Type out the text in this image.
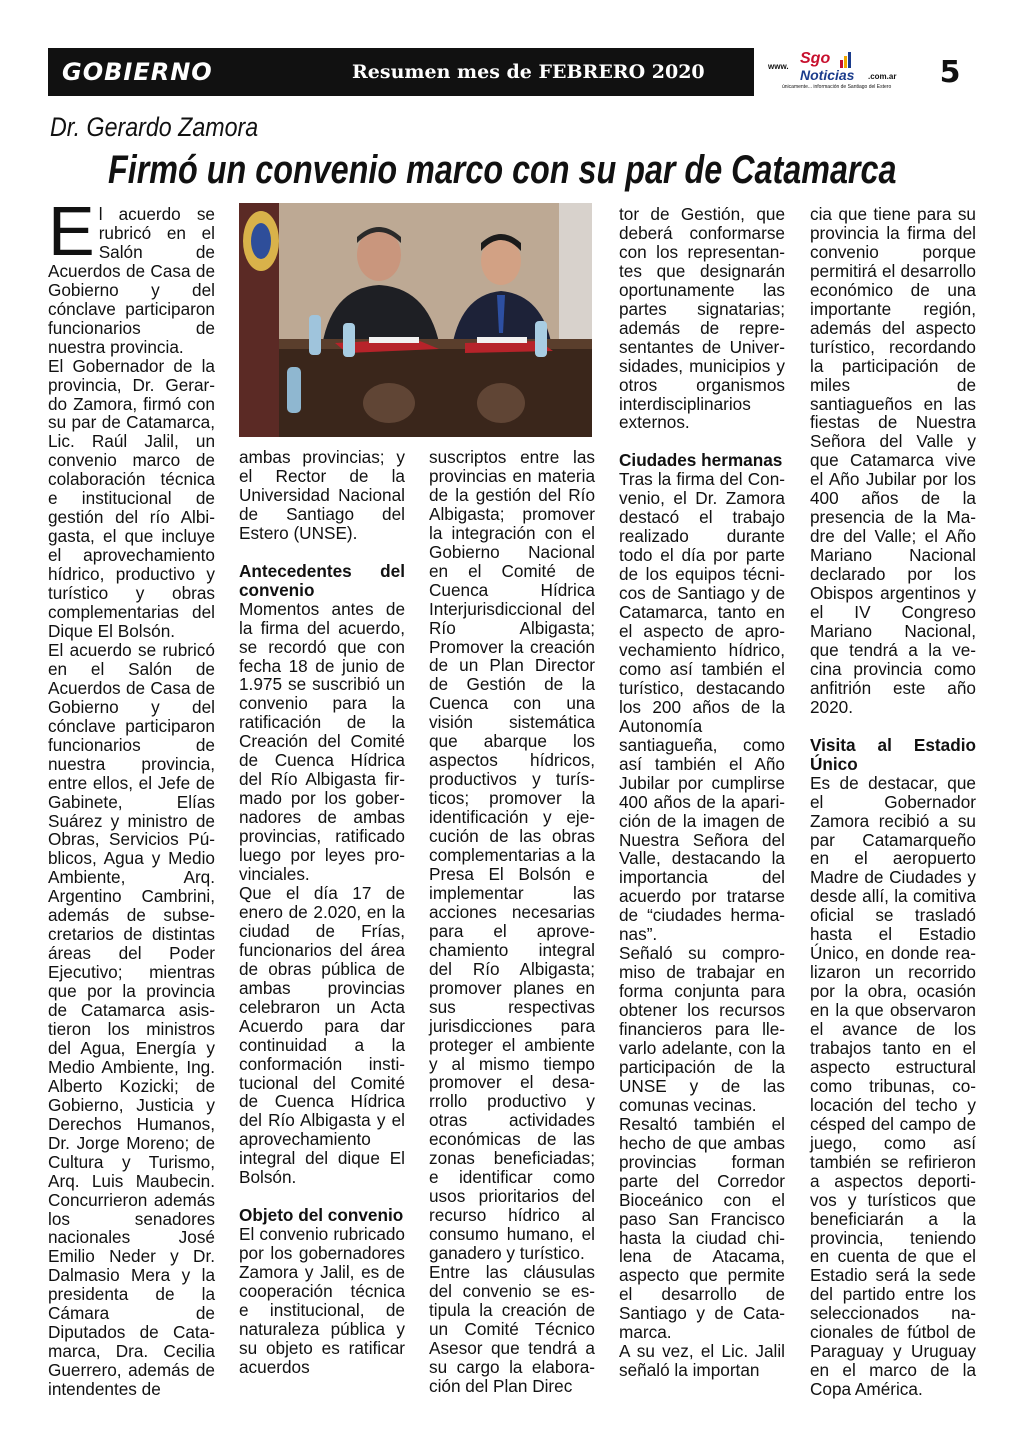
GOBIERNO	Resumen mes de FEBRERO 2020	www. Sgo
Noticias .com.ar
únicamente... información de Santiago del Estero	5
Dr. Gerardo Zamora
Firmó un convenio marco con su par de Catamarca

El acuerdo se rubricó en el Salón de Acuerdos de Casa de Gobierno y del cónclave participaron funcionarios de nuestra provincia.

El Gobernador de la provincia, Dr. Gerardo Zamora, firmó con su par de Catamarca, Lic. Raúl Jalil, un convenio marco de colaboración técnica e institucional de gestión del río Albigasta, el que incluye el aprovechamiento hídrico, productivo y turístico y obras complementarias del Dique El Bolsón.

El acuerdo se rubricó en el Salón de Acuerdos de Casa de Gobierno y del cónclave participaron funcionarios de nuestra provincia, entre ellos, el Jefe de Gabinete, Elías Suárez y ministro de Obras, Servicios Públicos, Agua y Medio Ambiente, Arq. Argentino Cambrini, además de subsecretarios de distintas áreas del Poder Ejecutivo; mientras que por la provincia de Catamarca asistieron los ministros del Agua, Energía y Medio Ambiente, Ing. Alberto Kozicki; de Gobierno, Justicia y Derechos Humanos, Dr. Jorge Moreno; de Cultura y Turismo, Arq. Luis Maubecin. Concurrieron además los senadores nacionales José Emilio Neder y Dr. Dalmasio Mera y la presidenta de la Cámara de Diputados de Catamarca, Dra. Cecilia Guerrero, además de intendentes de

ambas provincias; y el Rector de la Universidad Nacional de Santiago del Estero (UNSE).

Antecedentes del convenio

Momentos antes de la firma del acuerdo, se recordó que con fecha 18 de junio de 1.975 se suscribió un convenio para la ratificación de la Creación del Comité de Cuenca Hídrica del Río Albigasta firmado por los gobernadores de ambas provincias, ratificado luego por leyes provinciales.

Que el día 17 de enero de 2.020, en la ciudad de Frías, funcionarios del área de obras pública de ambas provincias celebraron un Acta Acuerdo para dar continuidad a la conformación institucional del Comité de Cuenca Hídrica del Río Albigasta y el aprovechamiento integral del dique El Bolsón.

Objeto del convenio

El convenio rubricado por los gobernadores Zamora y Jalil, es de cooperación técnica e institucional, de naturaleza pública y su objeto es ratificar acuerdos

suscriptos entre las provincias en materia de la gestión del Río Albigasta; promover la integración con el Gobierno Nacional en el Comité de Cuenca Hídrica Interjurisdiccional del Río Albigasta; Promover la creación de un Plan Director de Gestión de la Cuenca con una visión sistemática que abarque los aspectos hídricos, productivos y turísticos; promover la identificación y ejecución de las obras complementarias a la Presa El Bolsón e implementar las acciones necesarias para el aprovechamiento integral del Río Albigasta; promover planes en sus respectivas jurisdicciones para proteger el ambiente y al mismo tiempo promover el desarrollo productivo y otras actividades económicas de las zonas beneficiadas; e identificar como usos prioritarios del recurso hídrico al consumo humano, el ganadero y turístico.

Entre las cláusulas del convenio se estipula la creación de un Comité Técnico Asesor que tendrá a su cargo la elaboración del Plan Direc

tor de Gestión, que deberá conformarse con los representantes que designarán oportunamente las partes signatarias; además de representantes de Universidades, municipios y otros organismos interdisciplinarios externos.

Ciudades hermanas

Tras la firma del Convenio, el Dr. Zamora destacó el trabajo realizado durante todo el día por parte de los equipos técnicos de Santiago y de Catamarca, tanto en el aspecto de aprovechamiento hídrico, como así también el turístico, destacando los 200 años de la Autonomía santiagueña, como así también el Año Jubilar por cumplirse 400 años de la aparición de la imagen de Nuestra Señora del Valle, destacando la importancia del acuerdo por tratarse de “ciudades hermanas”.

Señaló su compromiso de trabajar en forma conjunta para obtener los recursos financieros para llevarlo adelante, con la participación de la UNSE y de las comunas vecinas.

Resaltó también el hecho de que ambas provincias forman parte del Corredor Bioceánico con el paso San Francisco hasta la ciudad chilena de Atacama, aspecto que permite el desarrollo de Santiago y de Catamarca.

A su vez, el Lic. Jalil señaló la importan

cia que tiene para su provincia la firma del convenio porque permitirá el desarrollo económico de una importante región, además del aspecto turístico, recordando la participación de miles de santiagueños en las fiestas de Nuestra Señora del Valle y que Catamarca vive el Año Jubilar por los 400 años de la presencia de la Madre del Valle; el Año Mariano Nacional declarado por los Obispos argentinos y el IV Congreso Mariano Nacional, que tendrá a la vecina provincia como anfitrión este año 2020.

Visita al Estadio Único

Es de destacar, que el Gobernador Zamora recibió a su par Catamarqueño en el aeropuerto Madre de Ciudades y desde allí, la comitiva oficial se trasladó hasta el Estadio Único, en donde realizaron un recorrido por la obra, ocasión en la que observaron el avance de los trabajos tanto en el aspecto estructural como tribunas, colocación del techo y césped del campo de juego, como así también se refirieron a aspectos deportivos y turísticos que beneficiarán a la provincia, teniendo en cuenta de que el Estadio será la sede del partido entre los seleccionados nacionales de fútbol de Paraguay y Uruguay en el marco de la Copa América.
